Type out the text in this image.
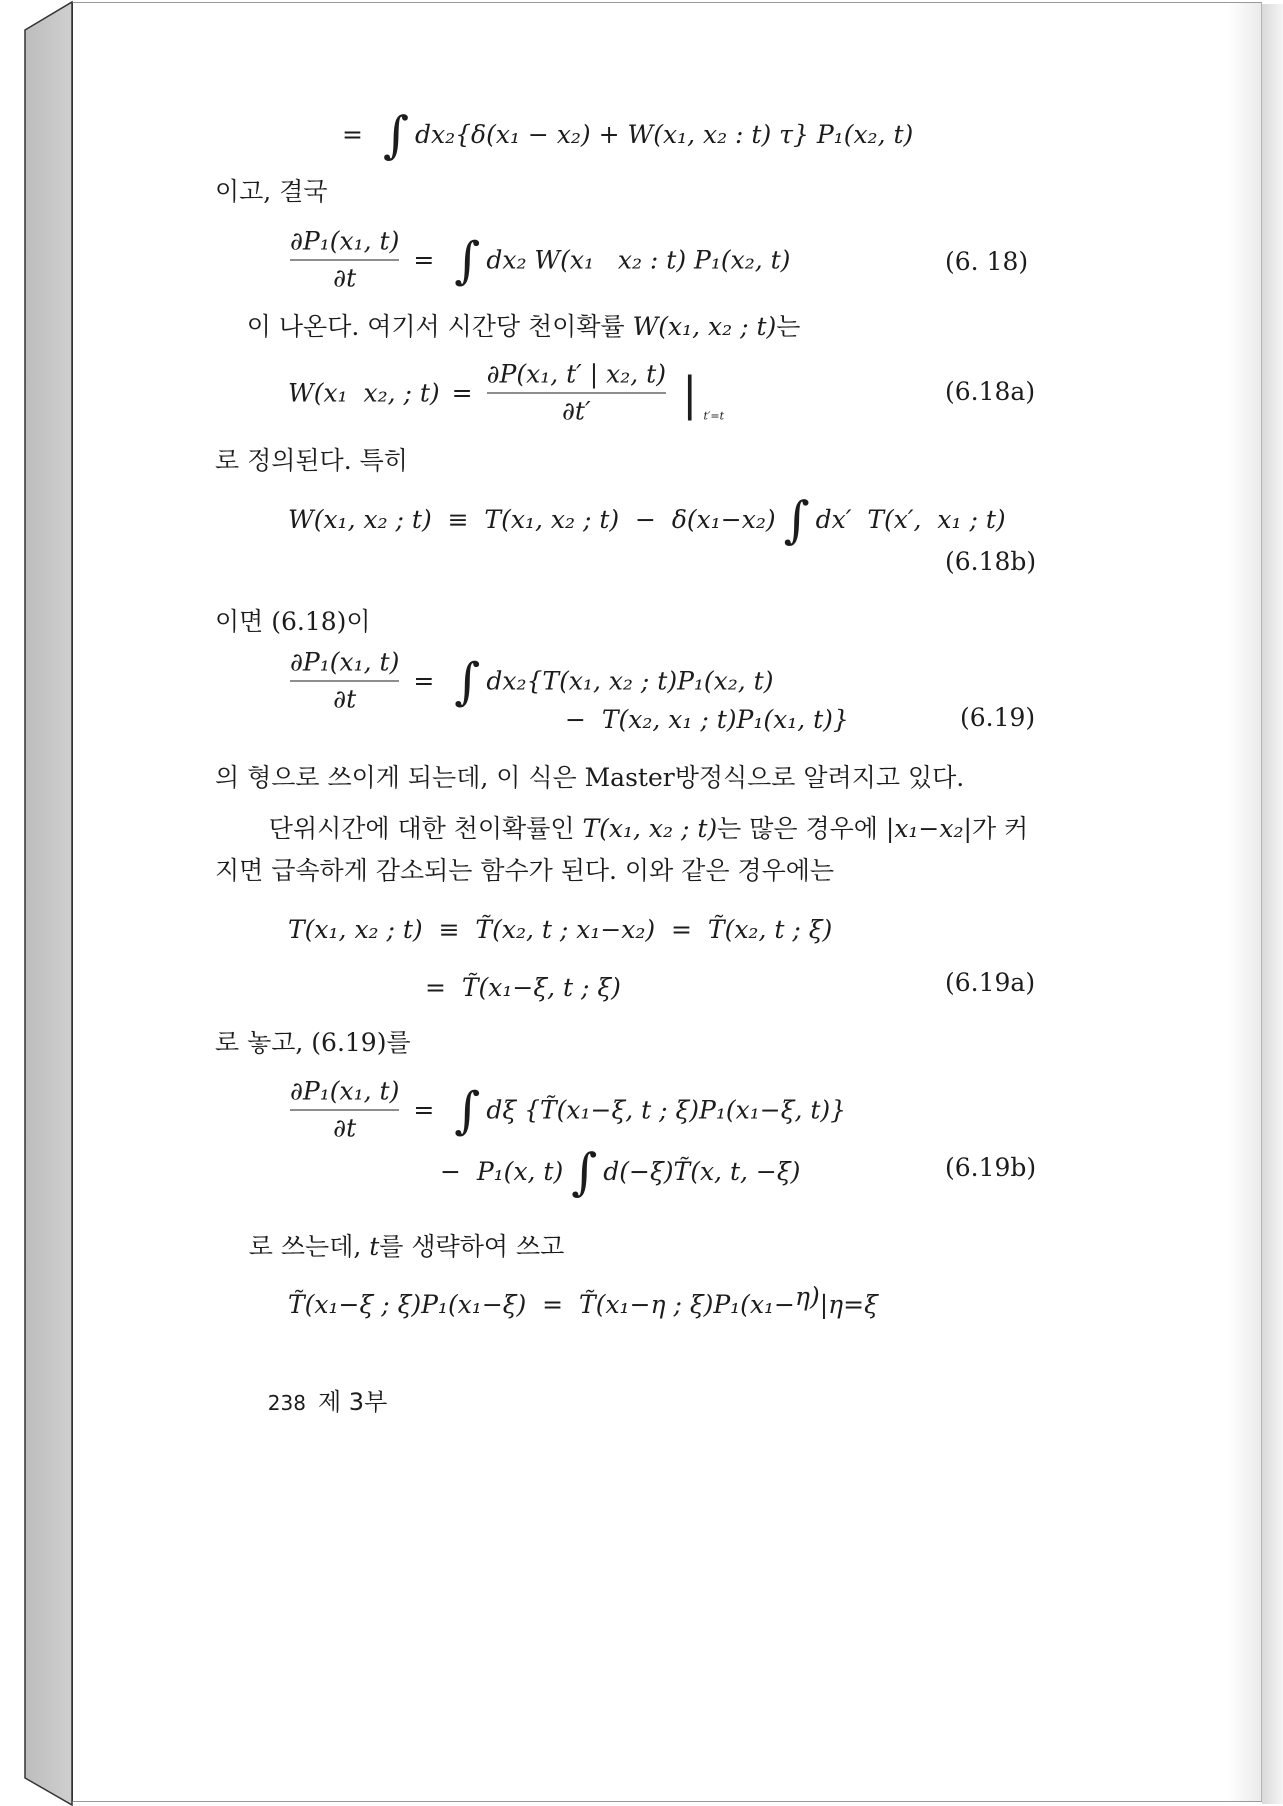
= ∫ dx₂{δ(x₁ − x₂) + W(x₁, x₂ : t) τ} P₁(x₂, t)
이고, 결국
$\frac{\text{∂P₁(x₁, t)}}{\partial t}$ = ∫ dx₂ W(x₁   x₂ : t) P₁(x₂, t)	(6. 18)

이 나온다. 여기서 시간당 천이확률 W(x₁, x₂ ; t)는

W(x₁  x₂, ; $t) = \frac{\text{∂P(x₁, t′ | x₂, t)}}{\partial t'}$ | t′=t
(6.18a)
로 정의된다. 특히
W(x₁, x₂ ; t)  ≡  T(x₁, x₂ ; t)  −  δ(x₁−x₂) ∫ dx′  T(x′,  x₁ ; t)
(6.18b)
이면 (6.18)이
$\frac{\text{∂P₁(x₁, t)}}{\partial t}$ = ∫ dx₂{T(x₁, x₂ ; t)P₁(x₂, t)
−  T(x₂, x₁ ; t)P₁(x₁, t)}	(6.19)
의 형으로 쓰이게 되는데, 이 식은 Master방정식으로 알려지고 있다.

단위시간에 대한 천이확률인 T(x₁, x₂ ; t)는 많은 경우에 |x₁−x₂|가 커

지면 급속하게 감소되는 함수가 된다. 이와 같은 경우에는
T(x₁, x₂ ; t)  ≡  T̃(x₂, t ; x₁−x₂)  =  T̃(x₂, t ; ξ)
=  T̃(x₁−ξ, t ; ξ)	(6.19a)
로 놓고, (6.19)를
$\frac{\text{∂P₁(x₁, t)}}{\partial t}$ = ∫ dξ {T̃(x₁−ξ, t ; ξ)P₁(x₁−ξ, t)}
−  P₁(x, t) ∫ d(−ξ)T̃(x, t, −ξ)	(6.19b)

로 쓰는데, t를 생략하여 쓰고

T̃(x₁−ξ ; ξ)P₁(x₁−ξ)  =  T̃(x₁−η ; ξ)P₁(x₁− η) |η=ξ

238 제 3부
